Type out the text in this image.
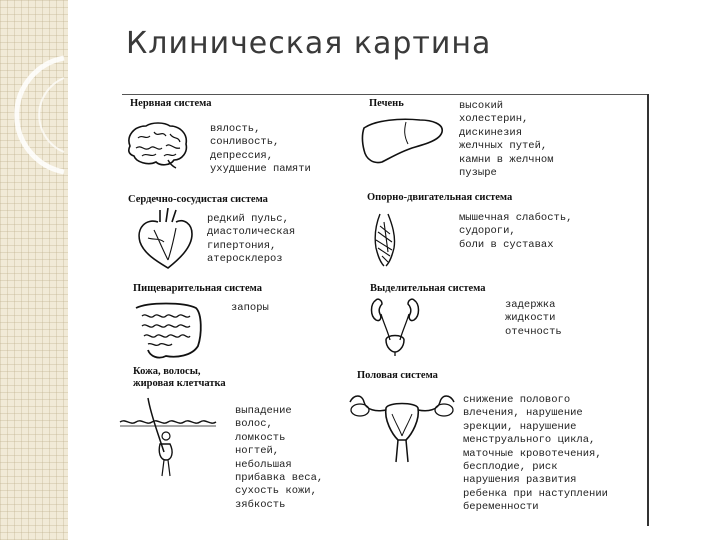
Клиническая картина
Нервная система
вялость,
сонливость,
депрессия,
ухудшение памяти
Печень	высокий
холестерин,
дискинезия
желчных путей,
камни в желчном
пузыре
Сердечно-сосудистая система
редкий пульс,
диастолическая
гипертония,
атеросклероз
Опорно-двигательная система
мышечная слабость,
судороги,
боли в суставах
Пищеварительная система
запоры
Выделительная система
задержка
жидкости
отечность
Кожа, волосы,
жировая клетчатка
выпадение
волос,
ломкость
ногтей,
небольшая
прибавка веса,
сухость кожи,
зябкость
Половая система
снижение полового
влечения, нарушение
эрекции, нарушение
менструального цикла,
маточные кровотечения,
бесплодие, риск
нарушения развития
ребенка при наступлении
беременности
